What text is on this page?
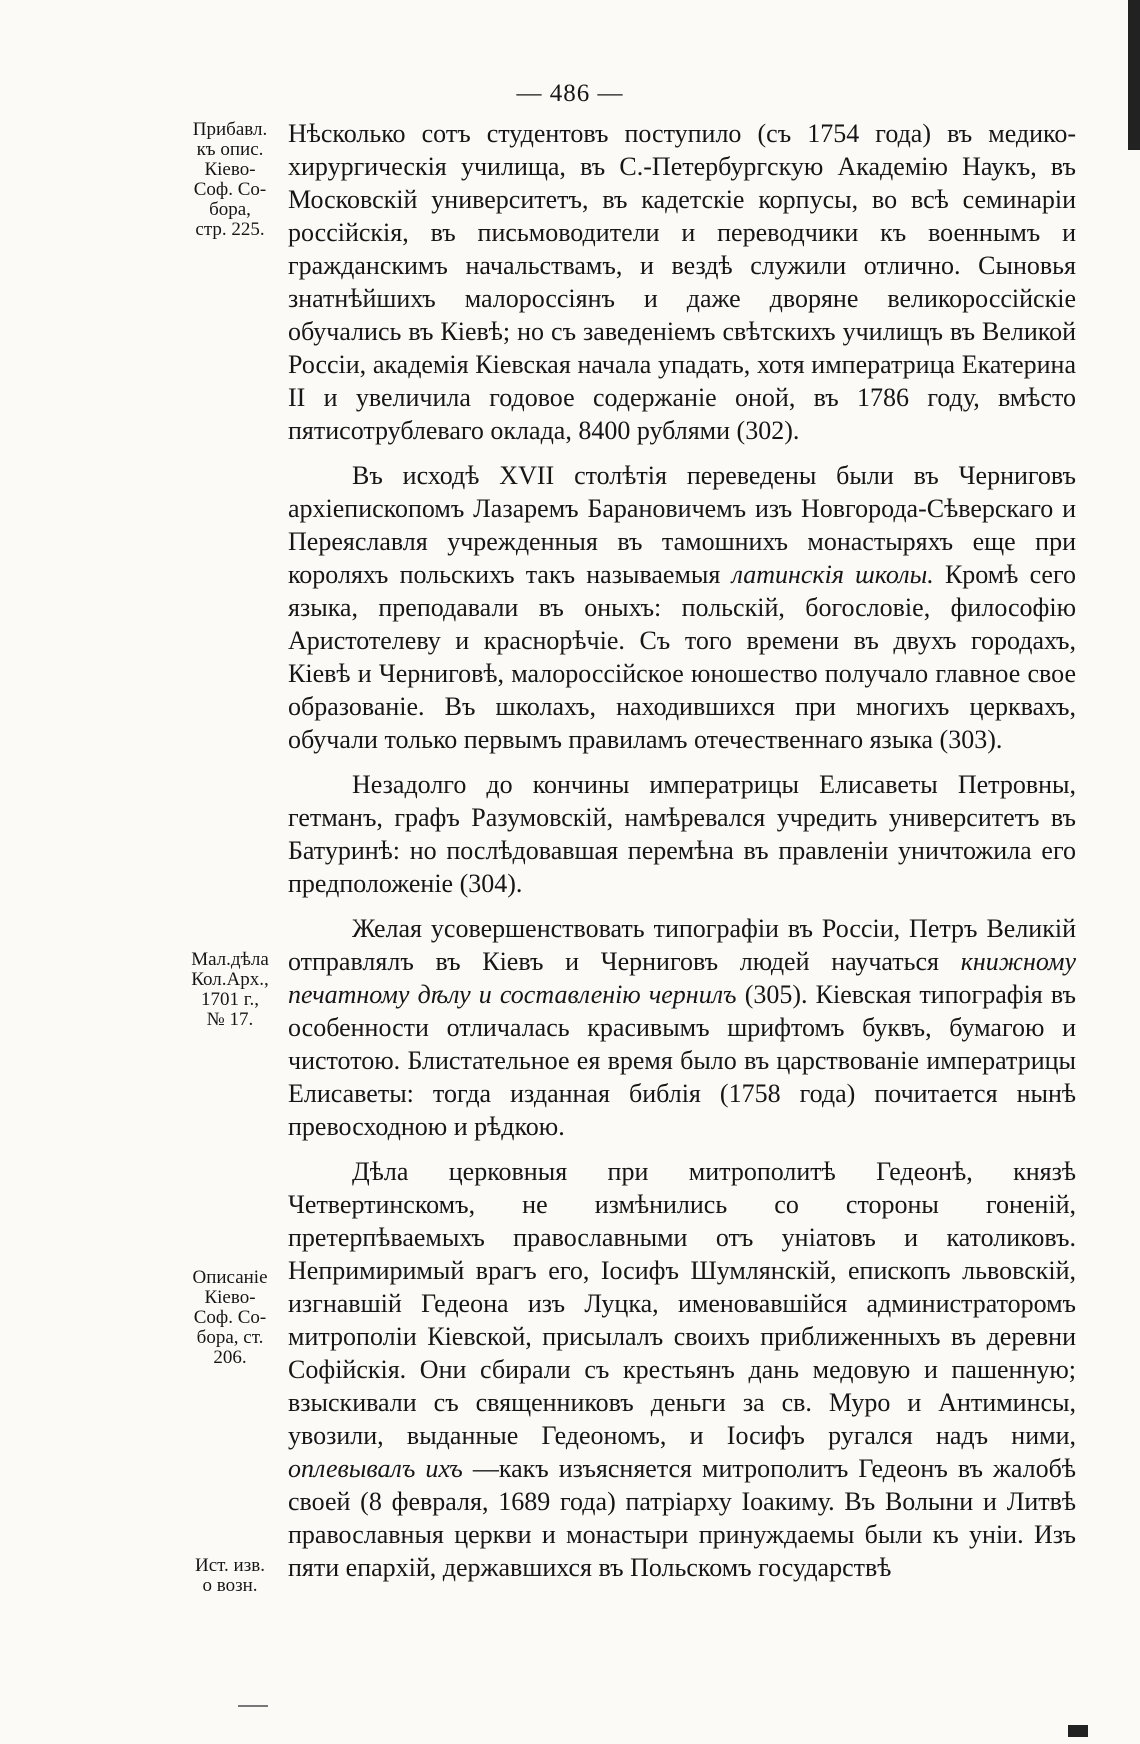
— 486 —
Прибавл.
къ опис.
Кіево-
Соф. Со-
бора,
стр. 225.
Мал.дѣла
Кол.Арх.,
1701 г.,
№ 17.
Описаніе
Кіево-
Соф. Со-
бора, ст.
206.
Ист. изв.
о возн.

Нѣсколько сотъ студентовъ поступило (съ 1754 года) въ медико-хирургическія училища, въ С.-Петербургскую Академію Наукъ, въ Московскій университетъ, въ кадетскіе корпусы, во всѣ семинаріи россійскія, въ письмоводители и переводчики къ военнымъ и гражданскимъ начальствамъ, и вездѣ служили отлично. Сыновья знатнѣйшихъ малороссіянъ и даже дворяне великороссійскіе обучались въ Кіевѣ; но съ заведеніемъ свѣтскихъ училищъ въ Великой Россіи, академія Кіевская начала упадать, хотя императрица Екатерина II и увеличила годовое содержаніе оной, въ 1786 году, вмѣсто пятисотрублеваго оклада, 8400 рублями (302).

Въ исходѣ XVII столѣтія переведены были въ Черниговъ архіепископомъ Лазаремъ Барановичемъ изъ Новгорода-Сѣверскаго и Переяславля учрежденныя въ тамошнихъ монастыряхъ еще при короляхъ польскихъ такъ называемыя латинскія школы. Кромѣ сего языка, преподавали въ оныхъ: польскій, богословіе, философію Аристотелеву и краснорѣчіе. Съ того времени въ двухъ городахъ, Кіевѣ и Черниговѣ, малороссійское юношество получало главное свое образованіе. Въ школахъ, находившихся при многихъ церквахъ, обучали только первымъ правиламъ отечественнаго языка (303).

Незадолго до кончины императрицы Елисаветы Петровны, гетманъ, графъ Разумовскій, намѣревался учредить университетъ въ Батуринѣ: но послѣдовавшая перемѣна въ правленіи уничтожила его предположеніе (304).

Желая усовершенствовать типографіи въ Россіи, Петръ Великій отправлялъ въ Кіевъ и Черниговъ людей научаться книжному печатному дѣлу и составленію чернилъ (305). Кіевская типографія въ особенности отличалась красивымъ шрифтомъ буквъ, бумагою и чистотою. Блистательное ея время было въ царствованіе императрицы Елисаветы: тогда изданная библія (1758 года) почитается нынѣ превосходною и рѣдкою.

Дѣла церковныя при митрополитѣ Гедеонѣ, князѣ Четвертинскомъ, не измѣнились со стороны гоненій, претерпѣваемыхъ православными отъ уніатовъ и католиковъ. Непримиримый врагъ его, Іосифъ Шумлянскій, епископъ львовскій, изгнавшій Гедеона изъ Луцка, именовавшійся администраторомъ митрополіи Кіевской, присылалъ своихъ приближенныхъ въ деревни Софійскія. Они сбирали съ крестьянъ дань медовую и пашенную; взыскивали съ священниковъ деньги за св. Муро и Антиминсы, увозили, выданные Гедеономъ, и Іосифъ ругался надъ ними, оплевывалъ ихъ —какъ изъясняется митрополитъ Гедеонъ въ жалобѣ своей (8 февраля, 1689 года) патріарху Іоакиму. Въ Волыни и Литвѣ православныя церкви и монастыри принуждаемы были къ уніи. Изъ пяти епархій, державшихся въ Польскомъ государствѣ
